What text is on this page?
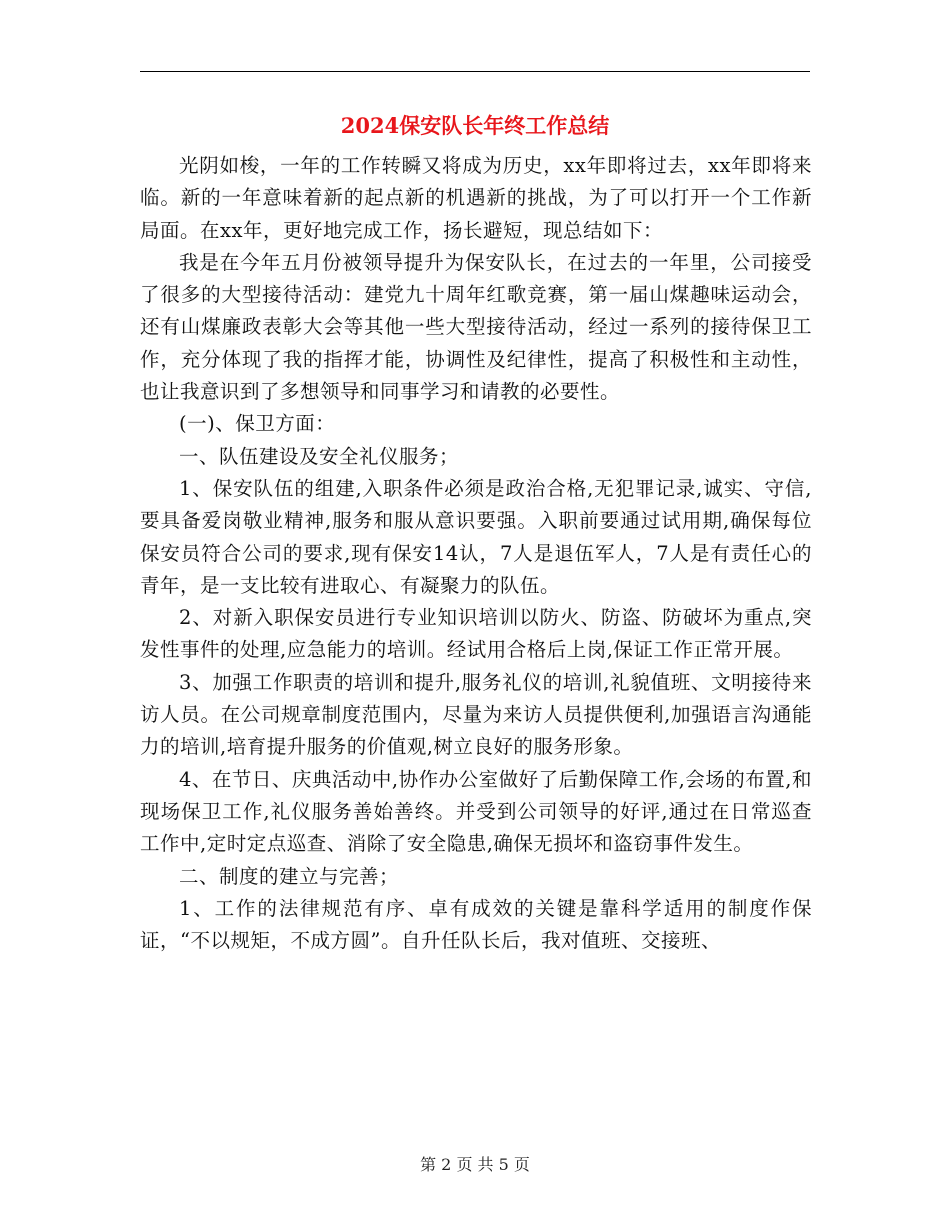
2024保安队长年终工作总结

光阴如梭，一年的工作转瞬又将成为历史，xx年即将过去，xx年即将来临。新的一年意味着新的起点新的机遇新的挑战，为了可以打开一个工作新局面。在xx年，更好地完成工作，扬长避短，现总结如下：

我是在今年五月份被领导提升为保安队长，在过去的一年里，公司接受了很多的大型接待活动：建党九十周年红歌竞赛，第一届山煤趣味运动会，还有山煤廉政表彰大会等其他一些大型接待活动，经过一系列的接待保卫工作，充分体现了我的指挥才能，协调性及纪律性，提高了积极性和主动性，也让我意识到了多想领导和同事学习和请教的必要性。

(一)、保卫方面：

一、队伍建设及安全礼仪服务；

1、保安队伍的组建,入职条件必须是政治合格,无犯罪记录,诚实、守信,要具备爱岗敬业精神,服务和服从意识要强。入职前要通过试用期,确保每位保安员符合公司的要求,现有保安14认，7人是退伍军人，7人是有责任心的青年，是一支比较有进取心、有凝聚力的队伍。

2、对新入职保安员进行专业知识培训以防火、防盗、防破坏为重点,突发性事件的处理,应急能力的培训。经试用合格后上岗,保证工作正常开展。

3、加强工作职责的培训和提升,服务礼仪的培训,礼貌值班、文明接待来访人员。在公司规章制度范围内，尽量为来访人员提供便利,加强语言沟通能力的培训,培育提升服务的价值观,树立良好的服务形象。

4、在节日、庆典活动中,协作办公室做好了后勤保障工作,会场的布置,和现场保卫工作,礼仪服务善始善终。并受到公司领导的好评,通过在日常巡查工作中,定时定点巡查、消除了安全隐患,确保无损坏和盗窃事件发生。

二、制度的建立与完善；

1、工作的法律规范有序、卓有成效的关键是靠科学适用的制度作保证，“不以规矩，不成方圆”。自升任队长后，我对值班、交接班、

第 2 页 共 5 页
